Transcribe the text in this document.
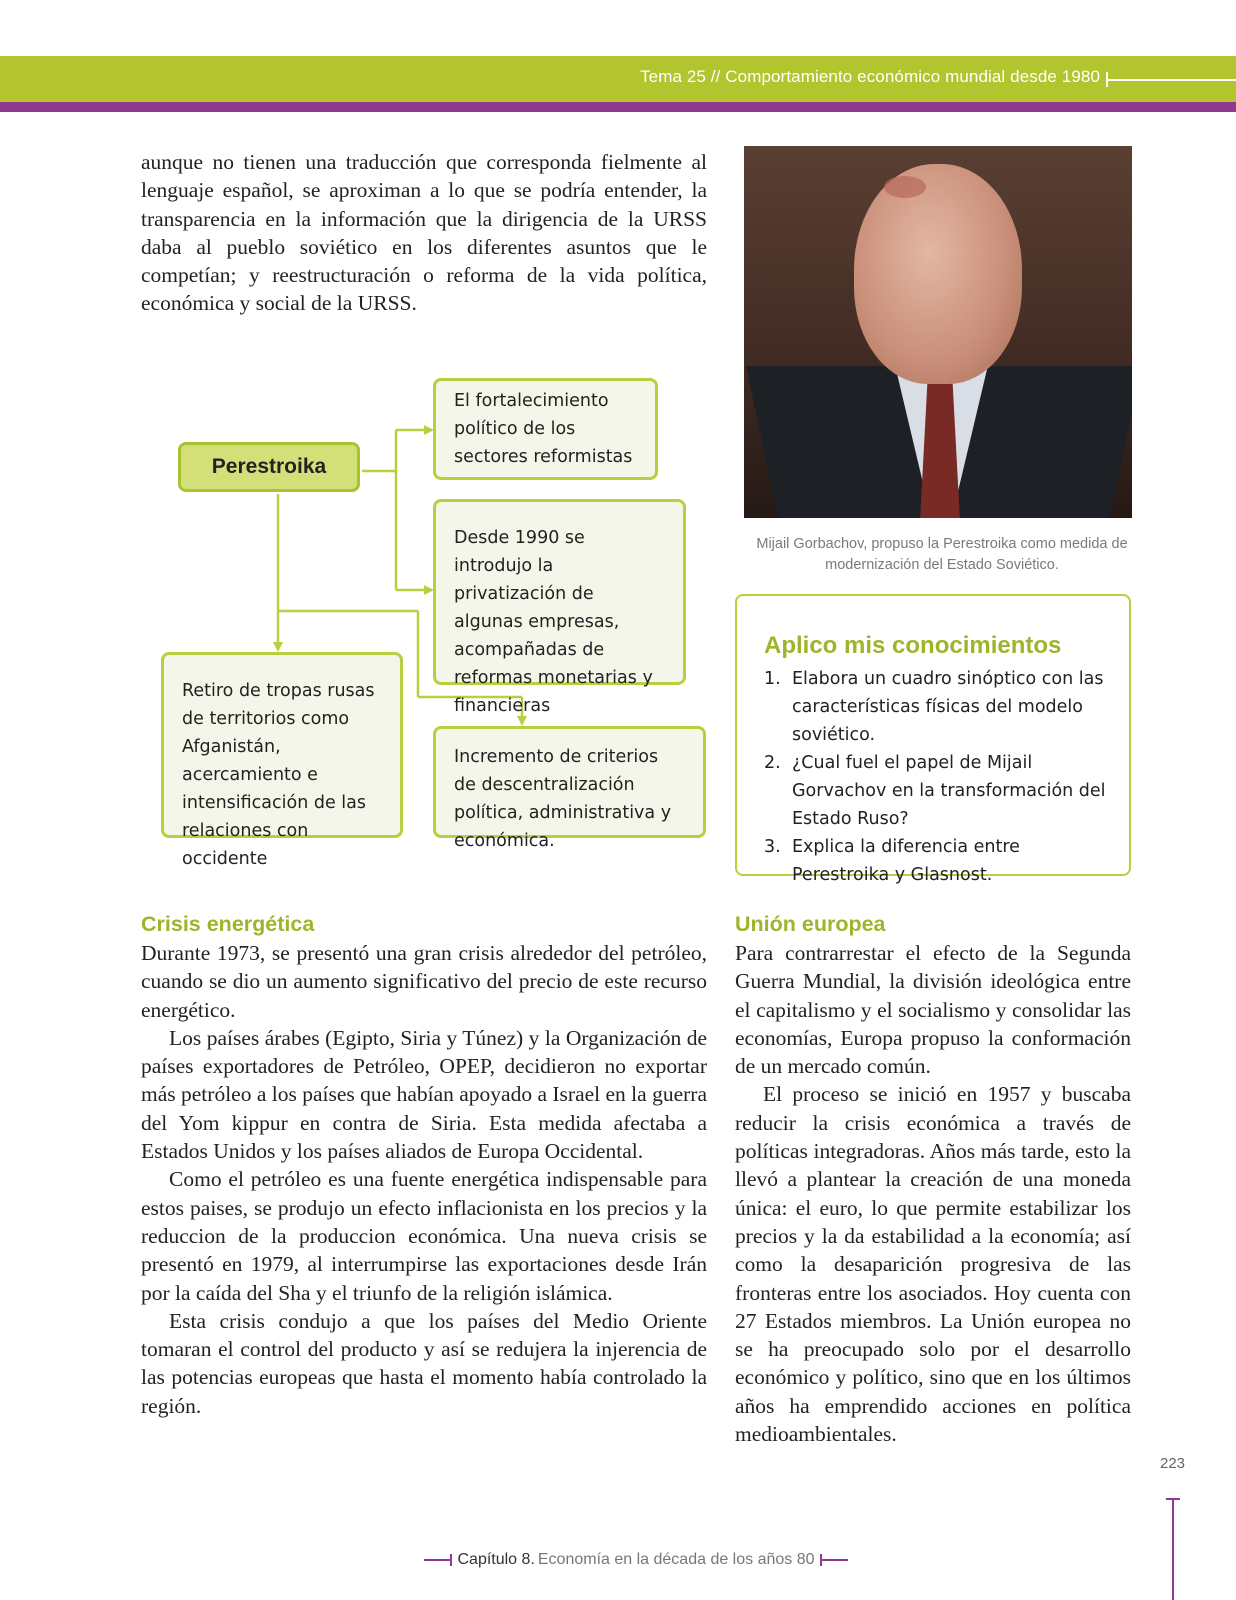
Tema 25 // Comportamiento económico mundial desde 1980

aunque no tienen una traducción que corresponda fielmente al lenguaje español, se aproximan a lo que se podría entender, la transparencia en la información que la dirigencia de la URSS daba al pueblo soviético en los diferentes asuntos que le competían; y reestructuración o reforma de la vida política, económica y social de la URSS.

Mijail Gorbachov, propuso la Perestroika como medida de modernización del Estado Soviético.

Perestroika
El fortalecimiento político de los sectores reformistas
Desde 1990 se introdujo la privatización de algunas empresas, acompañadas de reformas monetarias y financieras
Retiro de tropas rusas de territorios como Afganistán, acercamiento e intensificación de las relaciones con occidente
Incremento de criterios de descentralización política, administrativa y económica.
Aplico mis conocimientos
1. Elabora un cuadro sinóptico con las características físicas del modelo soviético.
2. ¿Cual fuel el papel de Mijail Gorvachov en la transformación del Estado Ruso?
3. Explica la diferencia entre Perestroika y Glasnost.
Crisis energética

Durante 1973, se presentó una gran crisis alrededor del petróleo, cuando se dio un aumento significativo del precio de este recurso energético.

Los países árabes (Egipto, Siria y Túnez) y la Organización de países exportadores de Petróleo, OPEP, decidieron no exportar más petróleo a los países que habían apoyado a Israel en la guerra del Yom kippur en contra de Siria. Esta medida afectaba a Estados Unidos y los países aliados de Europa Occidental.

Como el petróleo es una fuente energética indispensable para estos paises, se produjo un efecto inflacionista en los precios y la reduccion de la produccion económica. Una nueva crisis se presentó en 1979, al interrumpirse las exportaciones desde Irán por la caída del Sha y el triunfo de la religión islámica.

Esta crisis condujo a que los países del Medio Oriente tomaran el control del producto y así se redujera la injerencia de las potencias europeas que hasta el momento había controlado la región.

Unión europea

Para contrarrestar el efecto de la Segunda Guerra Mundial, la división ideológica entre el capitalismo y el socialismo y consolidar las economías, Europa propuso la conformación de un mercado común.

El proceso se inició en 1957 y buscaba reducir la crisis económica a través de políticas integradoras. Años más tarde, esto la llevó a plantear la creación de una moneda única: el euro, lo que permite estabilizar los precios y la da estabilidad a la economía; así como la desaparición progresiva de las fronteras entre los asociados. Hoy cuenta con 27 Estados miembros. La Unión europea no se ha preocupado solo por el desarrollo económico y político, sino que en los últimos años ha emprendido acciones en política medioambientales.

223
Capítulo 8. Economía en la década de los años 80
